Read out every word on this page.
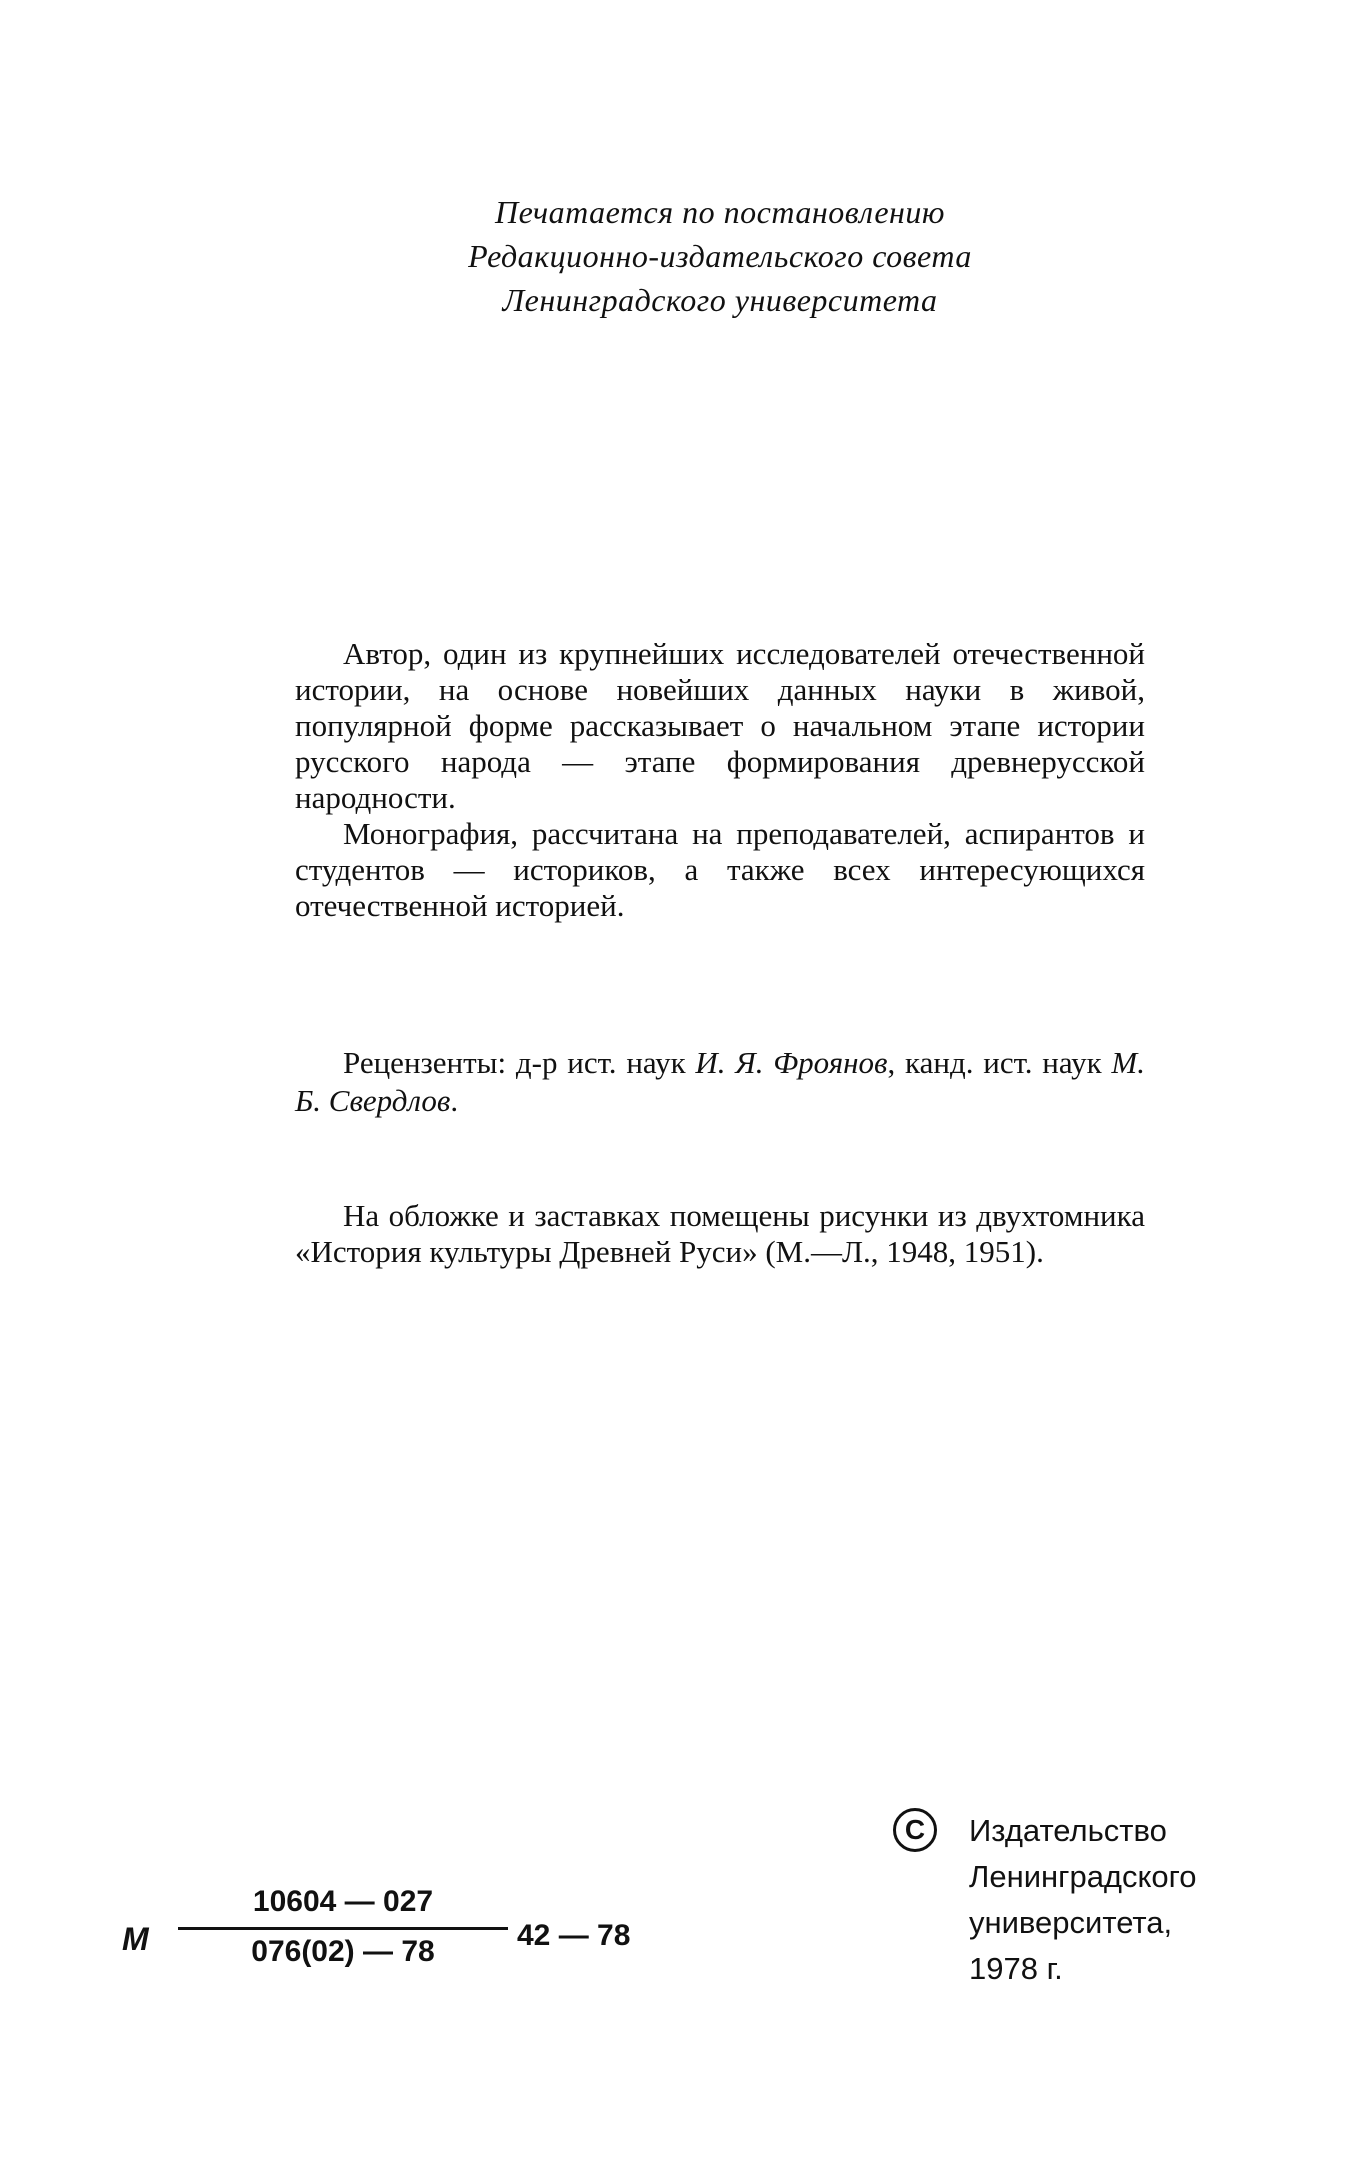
Печатается по постановлению
Редакционно-издательского совета
Ленинградского университета

Автор, один из крупнейших исследователей отечественной истории, на основе новейших данных науки в живой, популярной форме рассказывает о начальном этапе истории русского народа — этапе формирования древнерусской народности.

Монография, рассчитана на преподавателей, аспирантов и студентов — историков, а также всех интересующихся отечественной историей.

Рецензенты: д-р ист. наук И. Я. Фроянов, канд. ист. наук М. Б. Свердлов.
На обложке и заставках помещены рисунки из двухтомника «История культуры Древней Руси» (М.—Л., 1948, 1951).
C	Издательство
Ленинградского
университета,
1978 г.
М
10604 — 027
076(02) — 78	42 — 78
